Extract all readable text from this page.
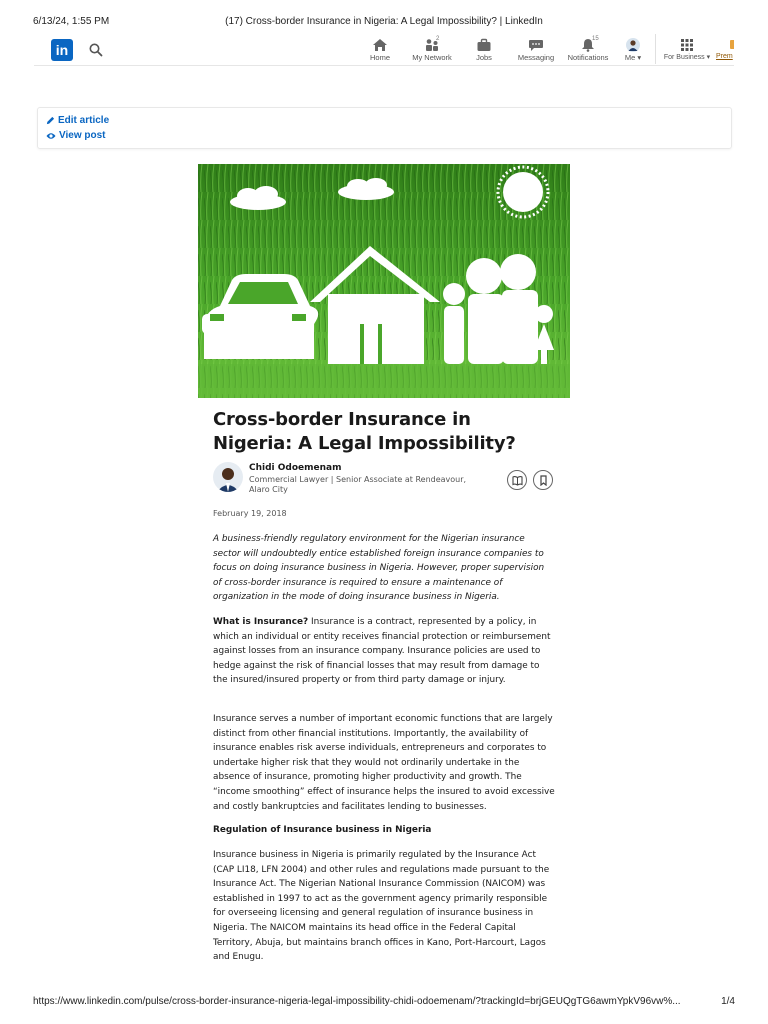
6/13/24, 1:55 PM	(17) Cross-border Insurance in Nigeria: A Legal Impossibility? | LinkedIn
in	Home
2
My Network	Jobs	Messaging
15
Notifications	Me ▾	For Business ▾ Prem
Edit article
View post
Cross-border Insurance in Nigeria: A Legal Impossibility?
Chidi Odoemenam
Commercial Lawyer | Senior Associate at Rendeavour, Alaro City
February 19, 2018

A business-friendly regulatory environment for the Nigerian insurance sector will undoubtedly entice established foreign insurance companies to focus on doing insurance business in Nigeria. However, proper supervision of cross-border insurance is required to ensure a maintenance of organization in the mode of doing insurance business in Nigeria.

What is Insurance? Insurance is a contract, represented by a policy, in which an individual or entity receives financial protection or reimbursement against losses from an insurance company. Insurance policies are used to hedge against the risk of financial losses that may result from damage to the insured/insured property or from third party damage or injury.

Insurance serves a number of important economic functions that are largely distinct from other financial institutions. Importantly, the availability of insurance enables risk averse individuals, entrepreneurs and corporates to undertake higher risk that they would not ordinarily undertake in the absence of insurance, promoting higher productivity and growth. The “income smoothing” effect of insurance helps the insured to avoid excessive and costly bankruptcies and facilitates lending to businesses.

Regulation of Insurance business in Nigeria

Insurance business in Nigeria is primarily regulated by the Insurance Act (CAP LI18, LFN 2004) and other rules and regulations made pursuant to the Insurance Act. The Nigerian National Insurance Commission (NAICOM) was established in 1997 to act as the government agency primarily responsible for overseeing licensing and general regulation of insurance business in Nigeria. The NAICOM maintains its head office in the Federal Capital Territory, Abuja, but maintains branch offices in Kano, Port-Harcourt, Lagos and Enugu.

https://www.linkedin.com/pulse/cross-border-insurance-nigeria-legal-impossibility-chidi-odoemenam/?trackingId=brjGEUQgTG6awmYpkV96vw%...	1/4
